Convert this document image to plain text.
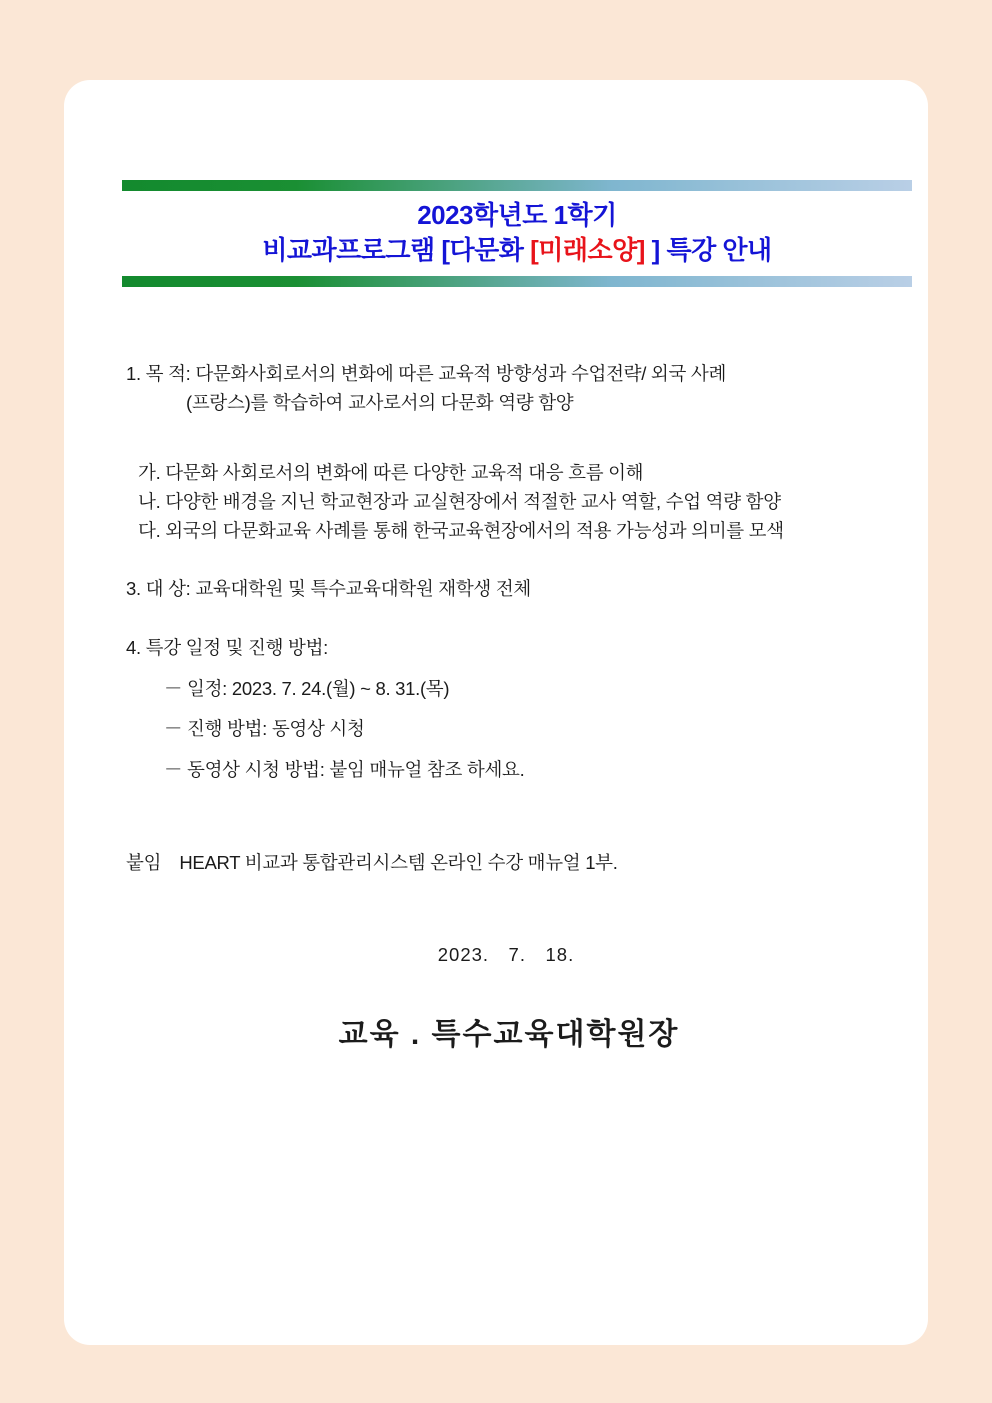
2023학년도 1학기
비교과프로그램 [다문화 [미래소양] ] 특강 안내

1. 목 적: 다문화사회로서의 변화에 따른 교육적 방향성과 수업전략/ 외국 사례

(프랑스)를 학습하여 교사로서의 다문화 역량 함양

가. 다문화 사회로서의 변화에 따른 다양한 교육적 대응 흐름 이해

나. 다양한 배경을 지닌 학교현장과 교실현장에서 적절한 교사 역할, 수업 역량 함양

다. 외국의 다문화교육 사례를 통해 한국교육현장에서의 적용 가능성과 의미를 모색

3. 대 상: 교육대학원 및 특수교육대학원 재학생 전체

4. 특강 일정 및 진행 방법:

－ 일정: 2023. 7. 24.(월) ~ 8. 31.(목)

－ 진행 방법: 동영상 시청

－ 동영상 시청 방법: 붙임 매뉴얼 참조 하세요.

붙임　HEART 비교과 통합관리시스템 온라인 수강 매뉴얼 1부.

2023.　7.　18.

교육 . 특수교육대학원장
